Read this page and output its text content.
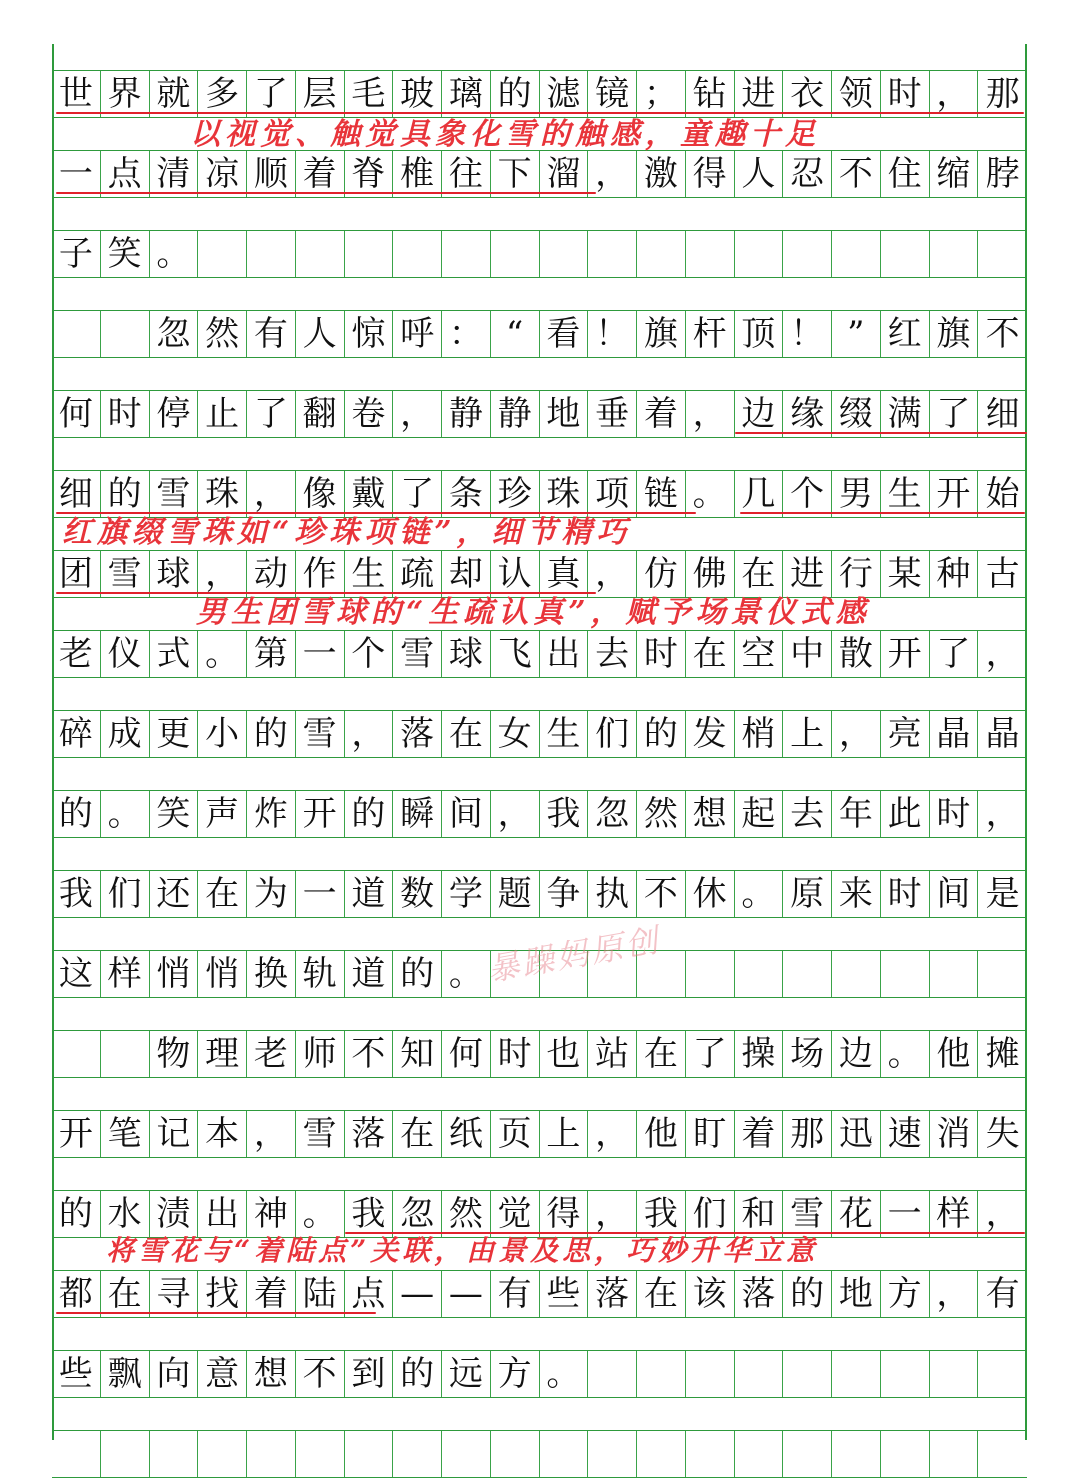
世 界 就 多 了 层 毛 玻 璃 的 滤 镜 ； 钻 进 衣 领 时 ， 那
一 点 清 凉 顺 着 脊 椎 往 下 溜 ， 激 得 人 忍 不 住 缩 脖
子 笑 。
忽 然 有 人 惊 呼 ： “ 看 ！ 旗 杆 顶 ！ ” 红 旗 不
何 时 停 止 了 翻 卷 ， 静 静 地 垂 着 ， 边 缘 缀 满 了 细
细 的 雪 珠 ， 像 戴 了 条 珍 珠 项 链 。 几 个 男 生 开 始
团 雪 球 ， 动 作 生 疏 却 认 真 ， 仿 佛 在 进 行 某 种 古
老 仪 式 。 第 一 个 雪 球 飞 出 去 时 在 空 中 散 开 了 ，
碎 成 更 小 的 雪 ， 落 在 女 生 们 的 发 梢 上 ， 亮 晶 晶
的 。 笑 声 炸 开 的 瞬 间 ， 我 忽 然 想 起 去 年 此 时 ，
我 们 还 在 为 一 道 数 学 题 争 执 不 休 。 原 来 时 间 是
这 样 悄 悄 换 轨 道 的 。
物 理 老 师 不 知 何 时 也 站 在 了 操 场 边 。 他 摊
开 笔 记 本 ， 雪 落 在 纸 页 上 ， 他 盯 着 那 迅 速 消 失
的 水 渍 出 神 。 我 忽 然 觉 得 ， 我 们 和 雪 花 一 样 ，
都 在 寻 找 着 陆 点 — — 有 些 落 在 该 落 的 地 方 ， 有
些 飘 向 意 想 不 到 的 远 方 。
以视觉、触觉具象化雪的触感，童趣十足
红旗缀雪珠如“珍珠项链”，细节精巧
男生团雪球的“生疏认真”，赋予场景仪式感
将雪花与“着陆点”关联，由景及思，巧妙升华立意
暴躁妈原创
